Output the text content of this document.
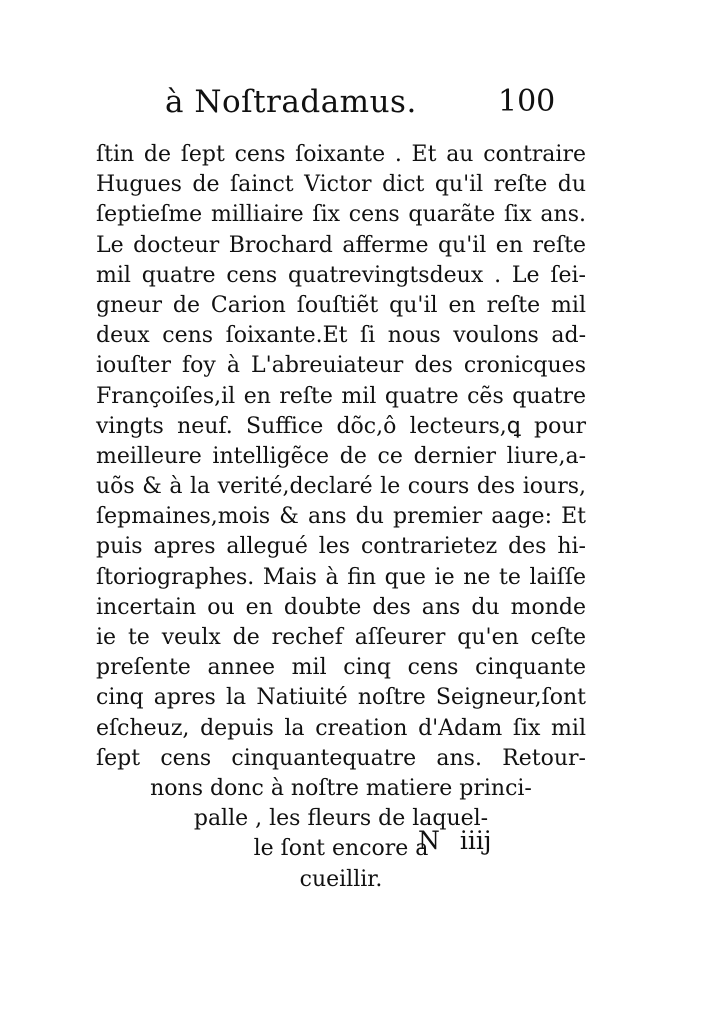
à Noſtradamus.	100
ſtin de ſept cens ſoixante . Et au contraire
Hugues de ſainct Victor dict qu'il reſte du
ſeptieſme milliaire ſix cens quarãte ſix ans.
Le docteur Brochard afferme qu'il en reſte
mil quatre cens quatrevingtsdeux . Le ſei-
gneur de Carion ſouſtiẽt qu'il en reſte mil
deux cens ſoixante.Et ſi nous voulons ad-
iouſter foy à L'abreuiateur des cronicques
Françoiſes,il en reſte mil quatre cẽs quatre
vingts neuf. Suffice dõc,ô lecteurs,ꝗ pour
meilleure intelligẽce de ce dernier liure,a-
uõs & à la verité,declaré le cours des iours,
ſepmaines,mois & ans du premier aage: Et
puis apres allegué les contrarietez des hi-
ſtoriographes. Mais à fin que ie ne te laiſſe
incertain ou en doubte des ans du monde
ie te veulx de rechef aſſeurer qu'en ceſte
preſente annee mil cinq cens cinquante
cinq apres la Natiuité noſtre Seigneur,ſont
eſcheuz, depuis la creation d'Adam ſix mil
ſept cens cinquantequatre ans. Retour-
nons donc à noſtre matiere princi-
palle , les fleurs de laquel-
le ſont encore a
cueillir.
N iiij
